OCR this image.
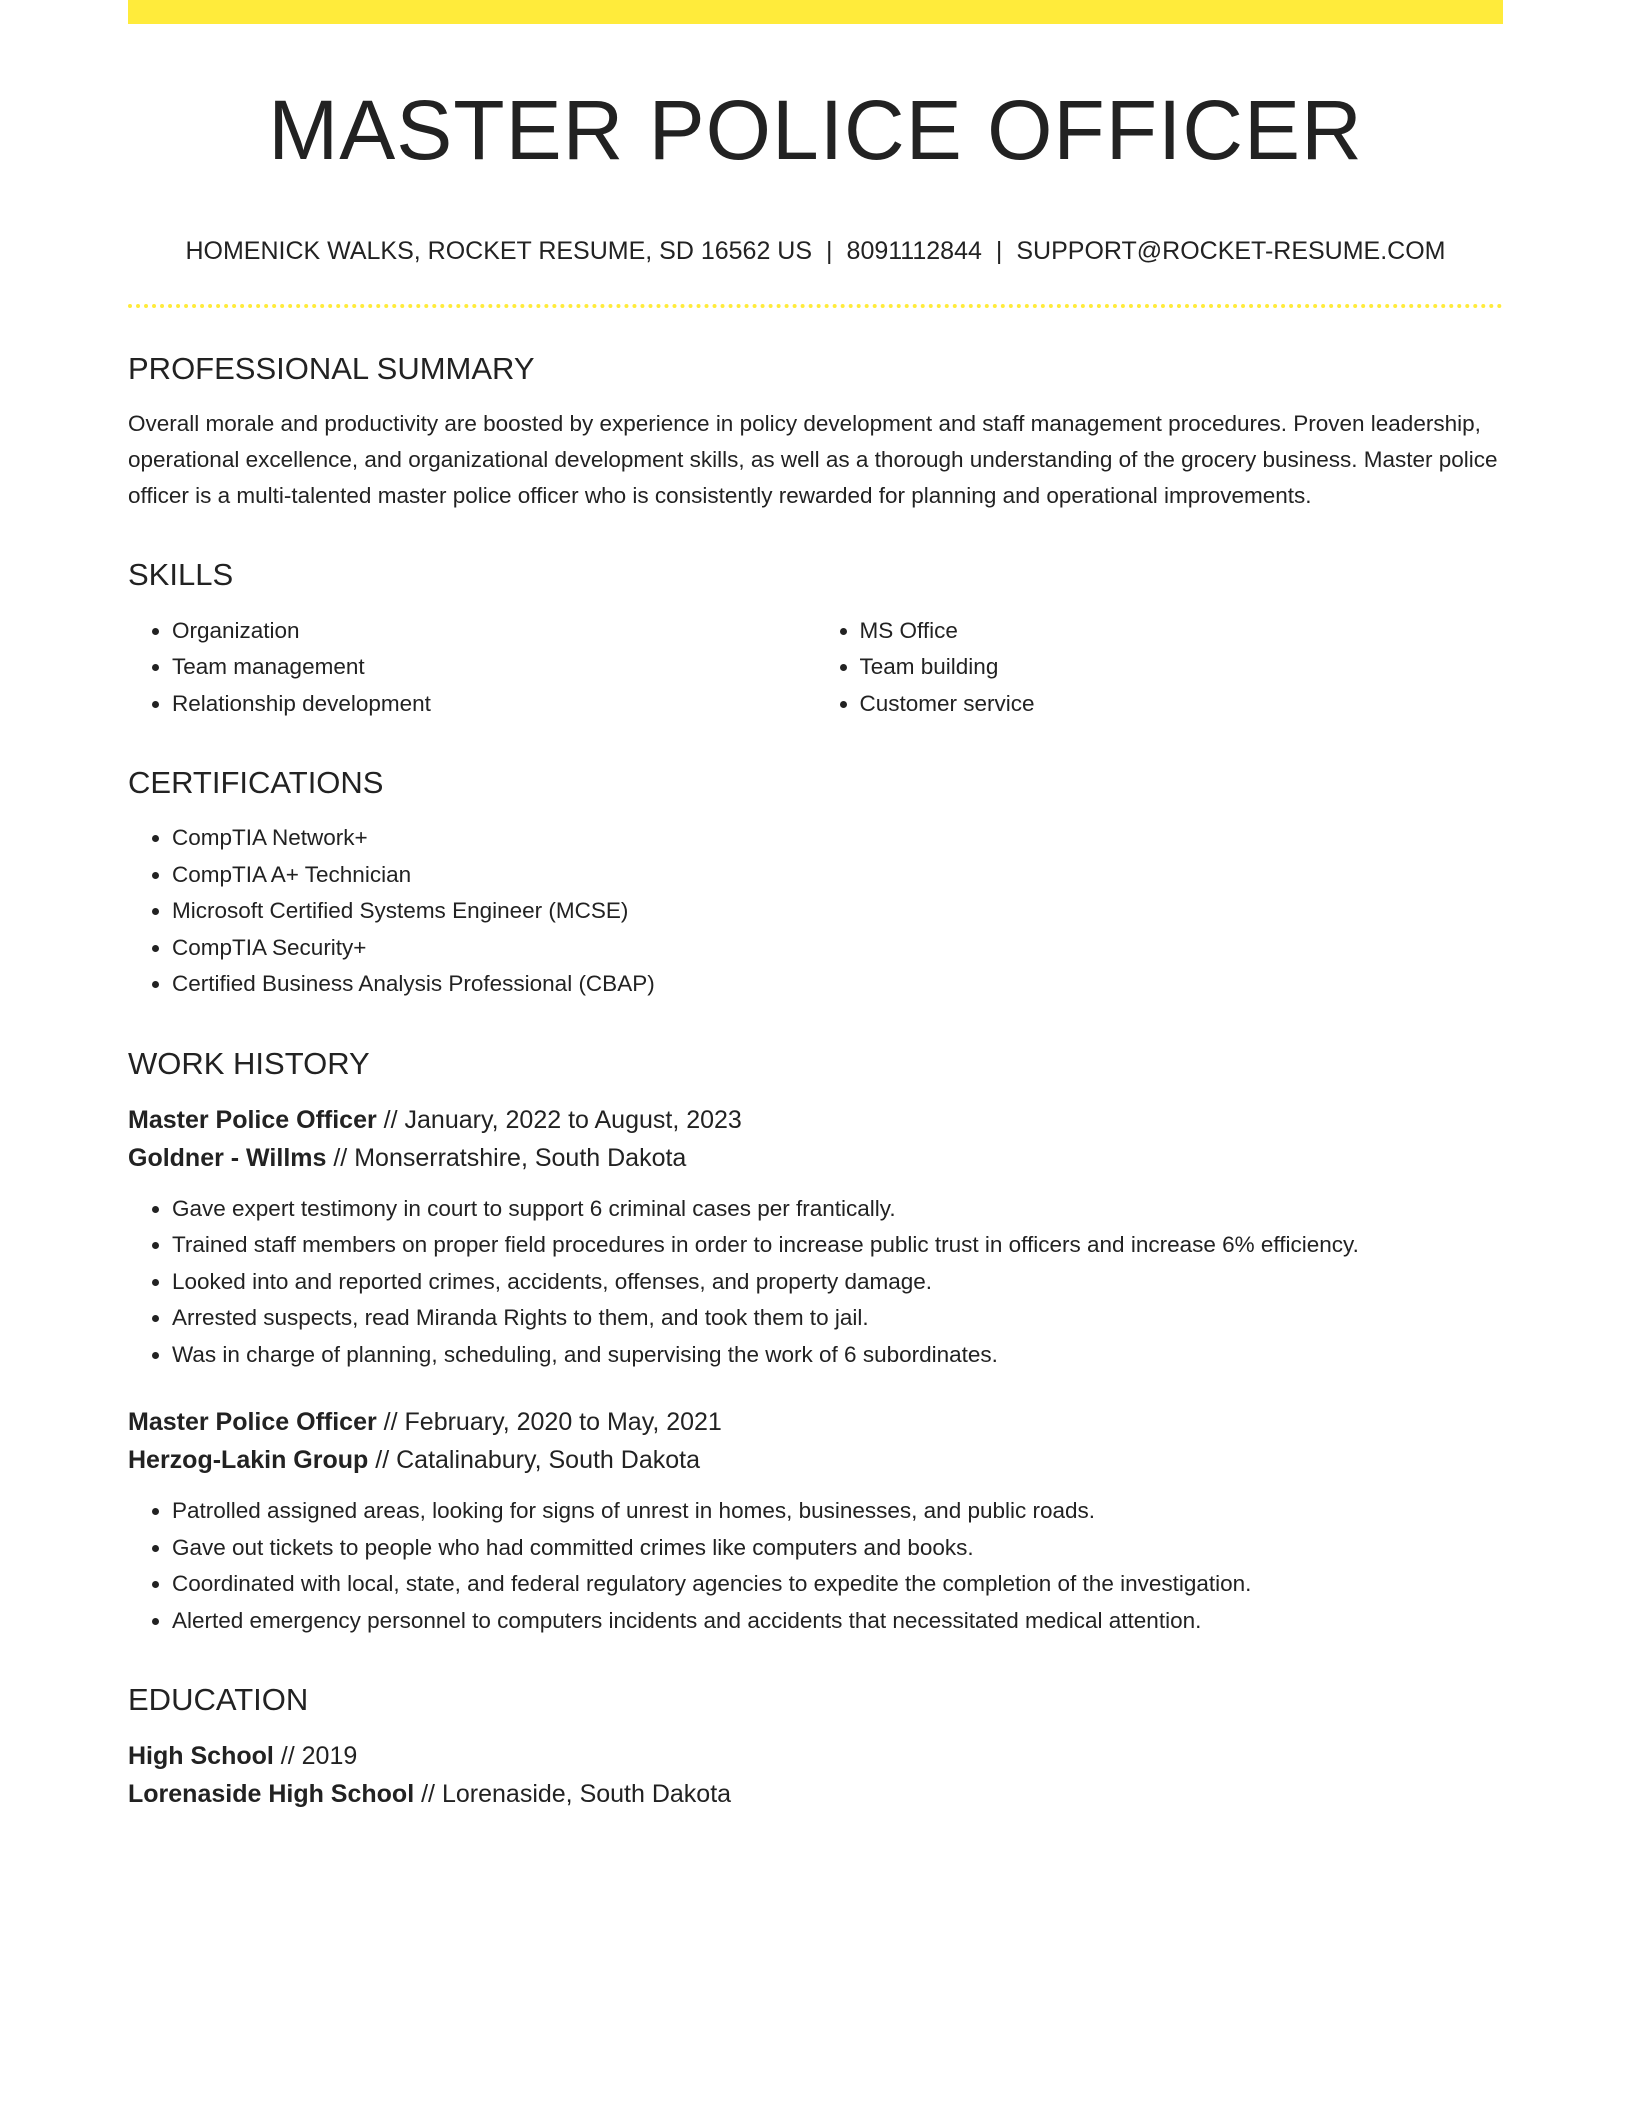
MASTER POLICE OFFICER
HOMENICK WALKS, ROCKET RESUME, SD 16562 US | 8091112844 | SUPPORT@ROCKET-RESUME.COM
PROFESSIONAL SUMMARY

Overall morale and productivity are boosted by experience in policy development and staff management procedures. Proven leadership, operational excellence, and organizational development skills, as well as a thorough understanding of the grocery business. Master police officer is a multi-talented master police officer who is consistently rewarded for planning and operational improvements.

SKILLS
• Organization
• Team management
• Relationship development
• MS Office
• Team building
• Customer service
CERTIFICATIONS
• CompTIA Network+
• CompTIA A+ Technician
• Microsoft Certified Systems Engineer (MCSE)
• CompTIA Security+
• Certified Business Analysis Professional (CBAP)
WORK HISTORY
Master Police Officer // January, 2022 to August, 2023
Goldner - Willms // Monserratshire, South Dakota
• Gave expert testimony in court to support 6 criminal cases per frantically.
• Trained staff members on proper field procedures in order to increase public trust in officers and increase 6% efficiency.
• Looked into and reported crimes, accidents, offenses, and property damage.
• Arrested suspects, read Miranda Rights to them, and took them to jail.
• Was in charge of planning, scheduling, and supervising the work of 6 subordinates.
Master Police Officer // February, 2020 to May, 2021
Herzog-Lakin Group // Catalinabury, South Dakota
• Patrolled assigned areas, looking for signs of unrest in homes, businesses, and public roads.
• Gave out tickets to people who had committed crimes like computers and books.
• Coordinated with local, state, and federal regulatory agencies to expedite the completion of the investigation.
• Alerted emergency personnel to computers incidents and accidents that necessitated medical attention.
EDUCATION
High School // 2019
Lorenaside High School // Lorenaside, South Dakota
